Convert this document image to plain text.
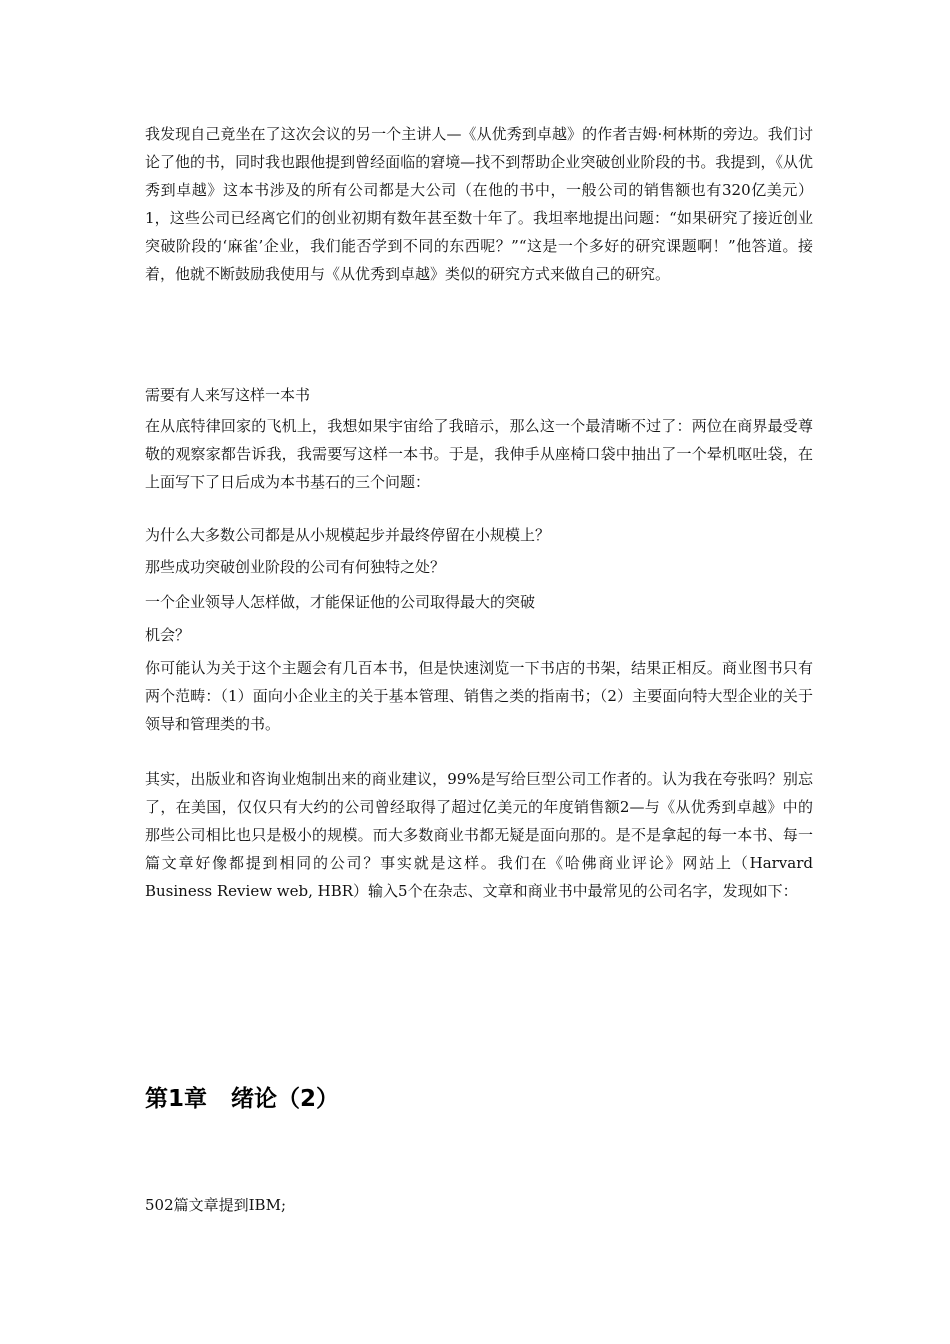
我发现自己竟坐在了这次会议的另一个主讲人—《从优秀到卓越》的作者吉姆·柯林斯的旁边。我们讨论了他的书，同时我也跟他提到曾经面临的窘境—找不到帮助企业突破创业阶段的书。我提到，《从优秀到卓越》这本书涉及的所有公司都是大公司（在他的书中，一般公司的销售额也有320亿美元）1，这些公司已经离它们的创业初期有数年甚至数十年了。我坦率地提出问题：“如果研究了接近创业突破阶段的‘麻雀’企业，我们能否学到不同的东西呢？”“这是一个多好的研究课题啊！”他答道。接着，他就不断鼓励我使用与《从优秀到卓越》类似的研究方式来做自己的研究。

需要有人来写这样一本书

在从底特律回家的飞机上，我想如果宇宙给了我暗示，那么这一个最清晰不过了：两位在商界最受尊敬的观察家都告诉我，我需要写这样一本书。于是，我伸手从座椅口袋中抽出了一个晕机呕吐袋，在上面写下了日后成为本书基石的三个问题：

为什么大多数公司都是从小规模起步并最终停留在小规模上？

那些成功突破创业阶段的公司有何独特之处？

一个企业领导人怎样做，才能保证他的公司取得最大的突破

机会？

你可能认为关于这个主题会有几百本书，但是快速浏览一下书店的书架，结果正相反。商业图书只有两个范畴：（1）面向小企业主的关于基本管理、销售之类的指南书；（2）主要面向特大型企业的关于领导和管理类的书。

其实，出版业和咨询业炮制出来的商业建议，99%是写给巨型公司工作者的。认为我在夸张吗？别忘了，在美国，仅仅只有大约的公司曾经取得了超过亿美元的年度销售额2—与《从优秀到卓越》中的那些公司相比也只是极小的规模。而大多数商业书都无疑是面向那的。是不是拿起的每一本书、每一篇文章好像都提到相同的公司？事实就是这样。我们在《哈佛商业评论》网站上（Harvard Business Review web, HBR）输入5个在杂志、文章和商业书中最常见的公司名字，发现如下：

第1章 绪论（2）

502篇文章提到IBM;
